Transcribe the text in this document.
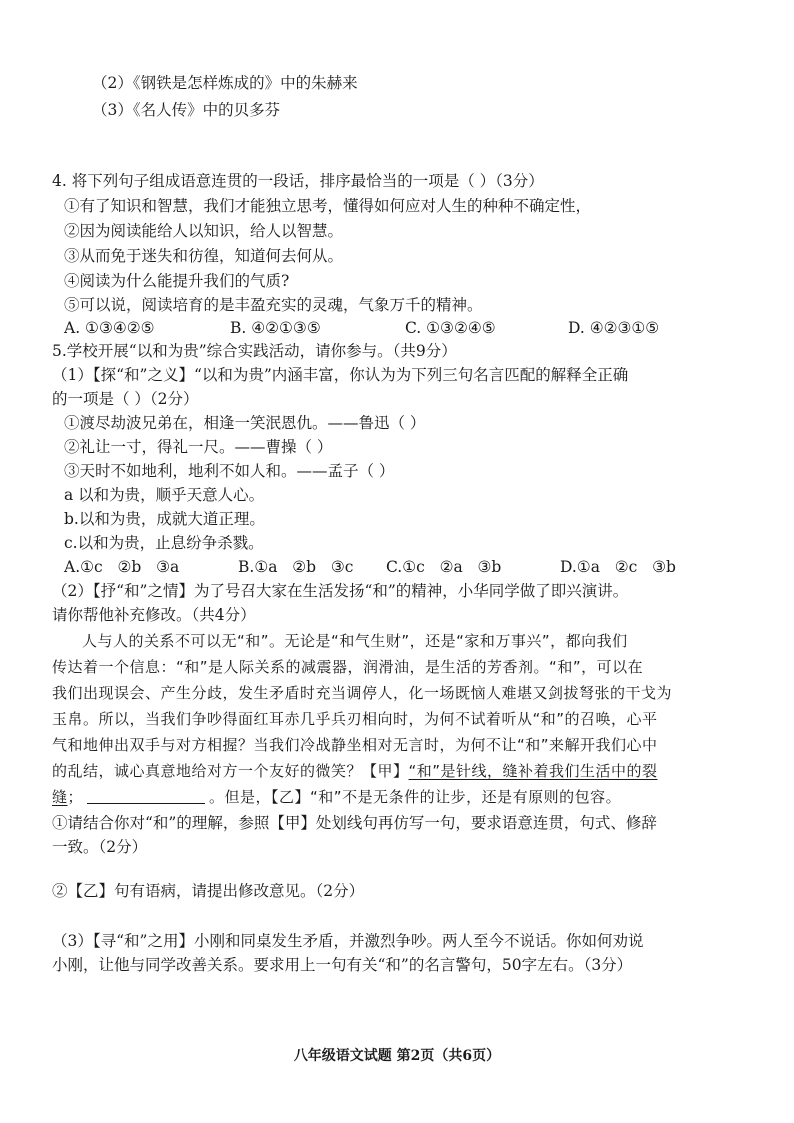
（2）《钢铁是怎样炼成的》中的朱赫来
（3）《名人传》中的贝多芬
4. 将下列句子组成语意连贯的一段话，排序最恰当的一项是（ ）（3分）
①有了知识和智慧，我们才能独立思考，懂得如何应对人生的种种不确定性，
②因为阅读能给人以知识，给人以智慧。
③从而免于迷失和彷徨，知道何去何从。
④阅读为什么能提升我们的气质?
⑤可以说，阅读培育的是丰盈充实的灵魂，气象万千的精神。
A. ①③④②⑤	B. ④②①③⑤	C. ①③②④⑤	D. ④②③①⑤
5.学校开展“以和为贵”综合实践活动，请你参与。（共9分）
（1）【探“和”之义】“以和为贵”内涵丰富，你认为为下列三句名言匹配的解释全正确
的一项是（ ）（2分）
①渡尽劫波兄弟在，相逢一笑泯恩仇。——鲁迅（ ）
②礼让一寸，得礼一尺。——曹操（ ）
③天时不如地利，地利不如人和。——孟子（ ）
a 以和为贵，顺乎天意人心。
b.以和为贵，成就大道正理。
c.以和为贵，止息纷争杀戮。
A.①c   ②b   ③a	B.①a   ②b   ③c C.①c   ②a   ③b	D.①a   ②c   ③b
（2）【抒“和”之情】为了号召大家在生活发扬“和”的精神，小华同学做了即兴演讲。
请你帮他补充修改。（共4分）
人与人的关系不可以无“和”。无论是“和气生财”，还是“家和万事兴”，都向我们
传达着一个信息：“和”是人际关系的减震器，润滑油，是生活的芳香剂。“和”，可以在
我们出现误会、产生分歧，发生矛盾时充当调停人，化一场既恼人难堪又剑拔弩张的干戈为
玉帛。所以，当我们争吵得面红耳赤几乎兵刃相向时，为何不试着听从“和”的召唤，心平
气和地伸出双手与对方相握？当我们冷战静坐相对无言时，为何不让“和”来解开我们心中
的乱结，诚心真意地给对方一个友好的微笑？【甲】“和”是针线，缝补着我们生活中的裂
缝；	。但是，【乙】“和”不是无条件的让步，还是有原则的包容。
①请结合你对“和”的理解，参照【甲】处划线句再仿写一句，要求语意连贯，句式、修辞
一致。（2分）
②【乙】句有语病，请提出修改意见。（2分）
（3）【寻“和”之用】小刚和同桌发生矛盾，并激烈争吵。两人至今不说话。你如何劝说
小刚，让他与同学改善关系。要求用上一句有关“和”的名言警句，50字左右。（3分）
八年级语文试题 第2页（共6页）
